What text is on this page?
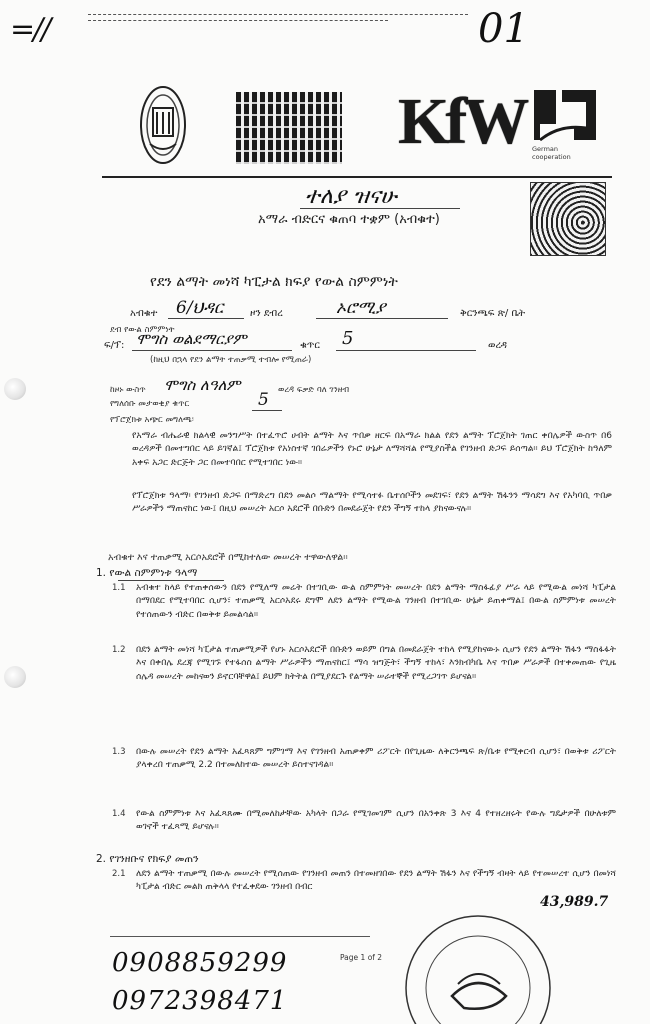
=//	01
KfW German
cooperation
ተለያ ዝናሁ
አማራ ብድርና ቁጠባ ተቋም (አብቁተ)
የደን ልማት መነሻ ካፒታል ክፍያ የውል ስምምነት
አብቁተ 6/ህዳር	ዞን ደብረ	ኦሮሚያ	ቅርንጫፍ ጽ/ ቤት
ደብ የውል ስምምነት
ፍ/ፕ: ሞግስ ወልደማርያም	ቁጥር 5	ወረዳ
(ከዚህ በኋላ የደን ልማት ተጠቃሚ ተብሎ የሚጠራ)
ከዞኑ ውስጥ ሞግስ ለዓለም	ወረዳ ፍቃድ ባለ ገንዘብ
የግለሰቡ መታወቂያ ቁጥር	5
የፕሮጀክቱ አጭር መግለጫ፡
• የአማራ ብሔራዊ ክልላዊ መንግሥት በተፈጥሮ ሀብት ልማት እና ጥበቃ ዘርፍ በአማራ ክልል የደን ልማት ፕሮጀክት ገጠር ቀበሌዎች ውስጥ በ6 ወረዳዎች በመተግበር ላይ ይገኛል፤ ፕሮጀክቱ የአነስተኛ ገበሬዎችን የኑሮ ሁኔታ ለማሻሻል የሚያስችል የገንዘብ ድጋፍ ይሰጣል። ይህ ፕሮጀክት ከዓለም አቀፍ አጋር ድርጅት ጋር በመተባበር የሚተገበር ነው።
• የፕሮጀክቱ ዓላማ፡ የገንዘብ ድጋፍ በማድረግ በደን መልሶ ማልማት የሚሳተፉ ቤተሰቦችን መደገፍ፣ የደን ልማት ሽፋንን ማሳደግ እና የአካባቢ ጥበቃ ሥራዎችን ማጠናከር ነው፤ በዚህ መሠረት አርሶ አደሮች በቡድን በመደራጀት የደን ችግኝ ተከላ ያከናውናሉ።
አብቁተ እና ተጠቃሚ አርሶአደሮች በሚከተለው መሠረት ተዋውለዋል።
1. የውል ስምምነቱ ዓላማ
1.1 አብቁተ ከላይ የተጠቀሰውን በደን የሚለማ መሬት በተገቢው ውል ስምምነት መሠረት በደን ልማት ማስፋፊያ ሥራ ላይ የሚውል መነሻ ካፒታል በማበደር የሚተባበር ሲሆን፣ ተጠቃሚ አርሶአደሩ ደግሞ ለደን ልማት የሚውል ገንዘብ በተገቢው ሁኔታ ይጠቀማል፤ በውል ስምምነቱ መሠረት የተሰጠውን ብድር በወቅቱ ይመልሳል።
1.2 በደን ልማት መነሻ ካፒታል ተጠቃሚዎች የሆኑ አርሶአደሮች በቡድን ወይም በግል በመደራጀት ተከላ የሚያከናውኑ ሲሆን የደን ልማት ሽፋን ማስፋፋት እና በቀበሌ ደረጃ የሚገኙ የተፋሰስ ልማት ሥራዎችን ማጠናከር፤ ማሳ ዝግጅት፣ ችግኝ ተከላ፣ እንክብካቤ እና ጥበቃ ሥራዎች በተቀመጠው የጊዜ ሰሌዳ መሠረት መከናወን ይኖርባቸዋል፤ ይህም ክትትል በሚያደርጉ የልማት ሠራተኞች የሚረጋገጥ ይሆናል።
1.3 በውሉ መሠረት የደን ልማት አፈጻጸም ግምገማ እና የገንዘብ አጠቃቀም ሪፖርት በየጊዜው ለቅርንጫፍ ጽ/ቤቱ የሚቀርብ ሲሆን፣ በወቅቱ ሪፖርት ያላቀረበ ተጠቃሚ 2.2 በተመለከተው መሠረት ይስተናገዳል።
1.4 የውል ስምምነቱ እና አፈጻጸሙ በሚመለከታቸው አካላት በጋራ የሚገመገም ሲሆን በአንቀጽ 3 እና 4 የተዘረዘሩት የውሉ ግዴታዎች በሁለቱም ወገኖች ተፈጻሚ ይሆናሉ።
2. የገንዘቡና የክፍያ መጠን
2.1 ለደን ልማት ተጠቃሚ በውሉ መሠረት የሚሰጠው የገንዘብ መጠን በተመዘገበው የደን ልማት ሽፋን እና የችግኝ ብዛት ላይ የተመሠረተ ሲሆን በመነሻ ካፒታል ብድር መልክ ጠቅላላ የተፈቀደው ገንዘብ በብር
43,989.7
0908859299
0972398471
Page 1 of 2
